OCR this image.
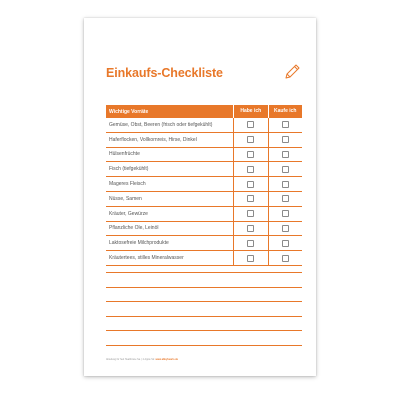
Einkaufs-Checkliste
Wichtige Vorräte	Habe ich	Kaufe ich
Gemüse, Obst, Beeren (frisch oder tiefgekühlt)
Haferflocken, Vollkornreis, Hirse, Dinkel
Hülsenfrüchte
Fisch (tiefgekühlt)
Mageres Fleisch
Nüsse, Samen
Kräuter, Gewürze
Pflanzliche Öle, Leinöl
Laktosefreie Milchprodukte
Kräutertees, stilles Mineralwasser
Abteilung für Seit Healthcare Sa. | 2 Apple Str. www.abbyhearts.de
